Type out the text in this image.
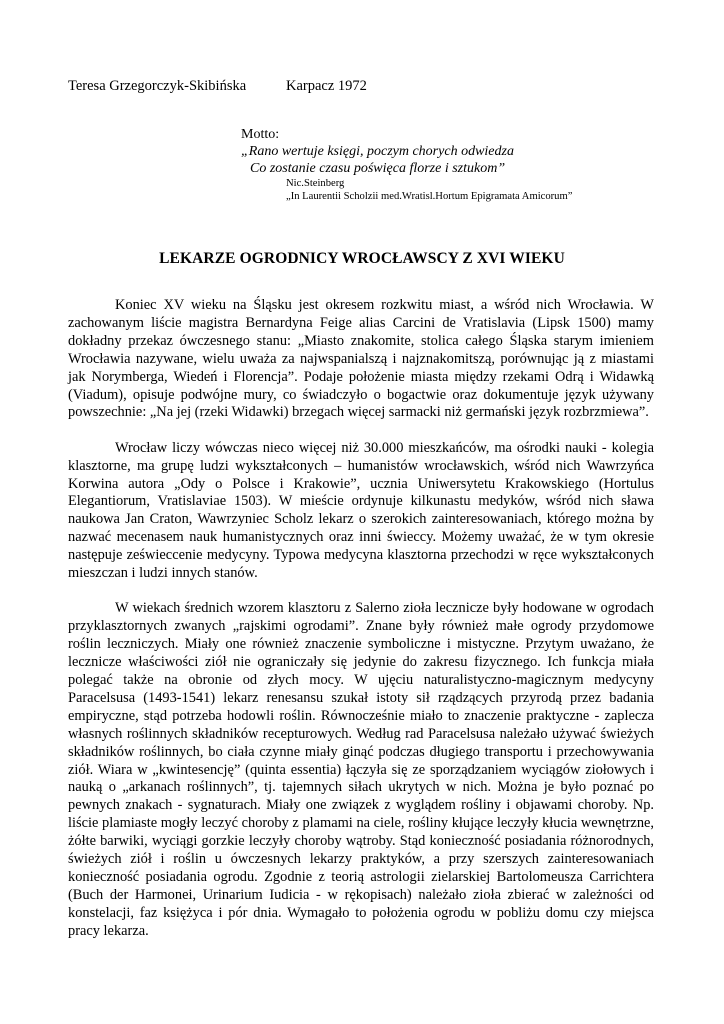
Teresa Grzegorczyk-Skibińska	Karpacz 1972
Motto:
„Rano wertuje księgi, poczym chorych odwiedza
Co zostanie czasu poświęca florze i sztukom”
Nic.Steinberg
„In Laurentii Scholzii med.Wratisl.Hortum Epigramata Amicorum”
LEKARZE OGRODNICY WROCŁAWSCY Z XVI WIEKU

Koniec XV wieku na Śląsku jest okresem rozkwitu miast, a wśród nich Wrocławia. W zachowanym liście magistra Bernardyna Feige alias Carcini de Vratislavia (Lipsk 1500) mamy dokładny przekaz ówczesnego stanu: „Miasto znakomite, stolica całego Śląska starym imieniem Wrocławia nazywane, wielu uważa za najwspanialszą i najznakomitszą, porównując ją z miastami jak Norymberga, Wiedeń i Florencja”. Podaje położenie miasta między rzekami Odrą i Widawką (Viadum), opisuje podwójne mury, co świadczyło o bogactwie oraz dokumentuje język używany powszechnie: „Na jej (rzeki Widawki) brzegach więcej sarmacki niż germański język rozbrzmiewa”.

Wrocław liczy wówczas nieco więcej niż 30.000 mieszkańców, ma ośrodki nauki - kolegia klasztorne, ma grupę ludzi wykształconych – humanistów wrocławskich, wśród nich Wawrzyńca Korwina autora „Ody o Polsce i Krakowie”, ucznia Uniwersytetu Krakowskiego (Hortulus Elegantiorum, Vratislaviae 1503). W mieście ordynuje kilkunastu medyków, wśród nich sława naukowa Jan Craton, Wawrzyniec Scholz lekarz o szerokich zainteresowaniach, którego można by nazwać mecenasem nauk humanistycznych oraz inni świeccy. Możemy uważać, że w tym okresie następuje ześwieccenie medycyny. Typowa medycyna klasztorna przechodzi w ręce wykształconych mieszczan i ludzi innych stanów.

W wiekach średnich wzorem klasztoru z Salerno zioła lecznicze były hodowane w ogrodach przyklasztornych zwanych „rajskimi ogrodami”. Znane były również małe ogrody przydomowe roślin leczniczych. Miały one również znaczenie symboliczne i mistyczne. Przytym uważano, że lecznicze właściwości ziół nie ograniczały się jedynie do zakresu fizycznego. Ich funkcja miała polegać także na obronie od złych mocy. W ujęciu naturalistyczno-magicznym medycyny Paracelsusa (1493-1541) lekarz renesansu szukał istoty sił rządzących przyrodą przez badania empiryczne, stąd potrzeba hodowli roślin. Równocześnie miało to znaczenie praktyczne - zaplecza własnych roślinnych składników recepturowych. Według rad Paracelsusa należało używać świeżych składników roślinnych, bo ciała czynne miały ginąć podczas długiego transportu i przechowywania ziół. Wiara w „kwintesencję” (quinta essentia) łączyła się ze sporządzaniem wyciągów ziołowych i nauką o „arkanach roślinnych”, tj. tajemnych siłach ukrytych w nich. Można je było poznać po pewnych znakach - sygnaturach. Miały one związek z wyglądem rośliny i objawami choroby. Np. liście plamiaste mogły leczyć choroby z plamami na ciele, rośliny kłujące leczyły kłucia wewnętrzne, żółte barwiki, wyciągi gorzkie leczyły choroby wątroby. Stąd konieczność posiadania różnorodnych, świeżych ziół i roślin u ówczesnych lekarzy praktyków, a przy szerszych zainteresowaniach konieczność posiadania ogrodu. Zgodnie z teorią astrologii zielarskiej Bartolomeusza Carrichtera (Buch der Harmonei, Urinarium Iudicia - w rękopisach) należało zioła zbierać w zależności od konstelacji, faz księżyca i pór dnia. Wymagało to położenia ogrodu w pobliżu domu czy miejsca pracy lekarza.
